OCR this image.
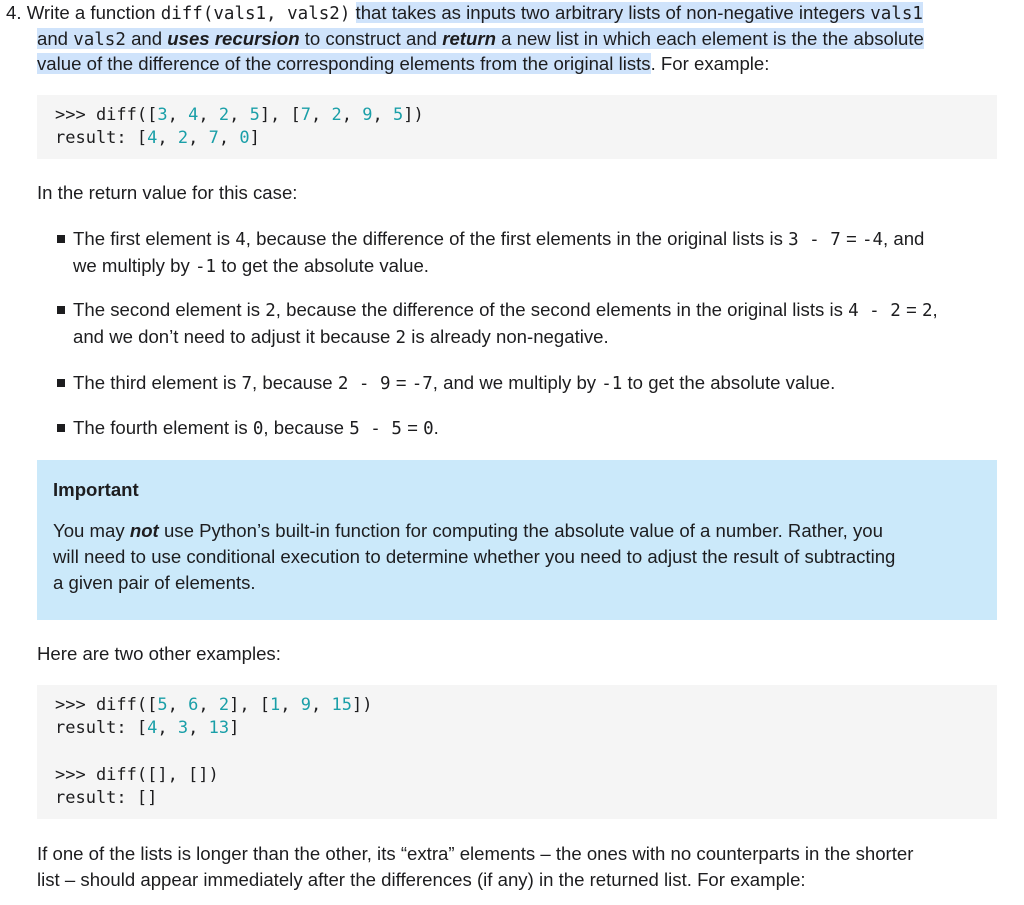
4. Write a function diff(vals1, vals2) that takes as inputs two arbitrary lists of non-negative integers vals1
and vals2 and uses recursion to construct and return a new list in which each element is the the absolute
value of the difference of the corresponding elements from the original lists. For example:
>>> diff([3, 4, 2, 5], [7, 2, 9, 5])
result: [4, 2, 7, 0]
In the return value for this case:
The first element is 4, because the difference of the first elements in the original lists is 3 - 7 = -4, and
we multiply by -1 to get the absolute value.
The second element is 2, because the difference of the second elements in the original lists is 4 - 2 = 2,
and we don’t need to adjust it because 2 is already non-negative.
The third element is 7, because 2 - 9 = -7, and we multiply by -1 to get the absolute value.
The fourth element is 0, because 5 - 5 = 0.
Important
You may not use Python’s built-in function for computing the absolute value of a number. Rather, you
will need to use conditional execution to determine whether you need to adjust the result of subtracting
a given pair of elements.
Here are two other examples:
>>> diff([5, 6, 2], [1, 9, 15])
result: [4, 3, 13]
>>> diff([], [])
result: []
If one of the lists is longer than the other, its “extra” elements – the ones with no counterparts in the shorter
list – should appear immediately after the differences (if any) in the returned list. For example:
